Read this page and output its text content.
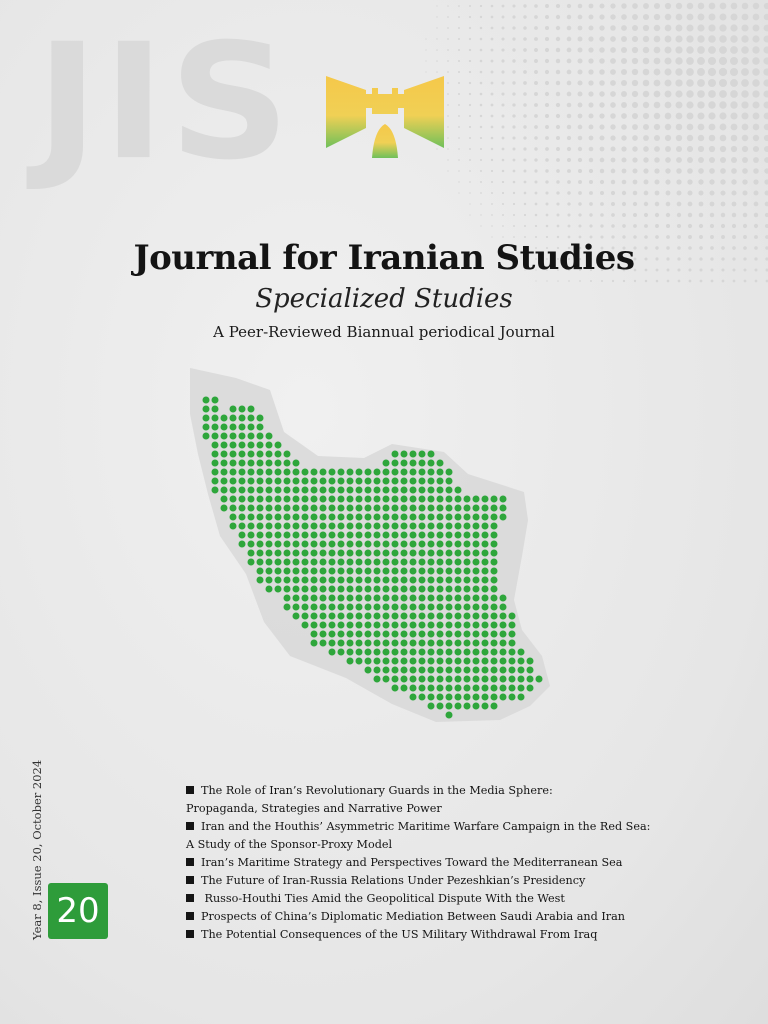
JIS
Journal for Iranian Studies
Specialized Studies
A Peer-Reviewed Biannual periodical Journal
Year 8, Issue 20, October 2024 20
The Role of Iran’s Revolutionary Guards in the Media Sphere:
Propaganda, Strategies and Narrative Power
Iran and the Houthis’ Asymmetric Maritime Warfare Campaign in the Red Sea:
A Study of the Sponsor-Proxy Model
Iran’s Maritime Strategy and Perspectives Toward the Mediterranean Sea
The Future of Iran-Russia Relations Under Pezeshkian’s Presidency
Russo-Houthi Ties Amid the Geopolitical Dispute With the West
Prospects of China’s Diplomatic Mediation Between Saudi Arabia and Iran
The Potential Consequences of the US Military Withdrawal From Iraq
